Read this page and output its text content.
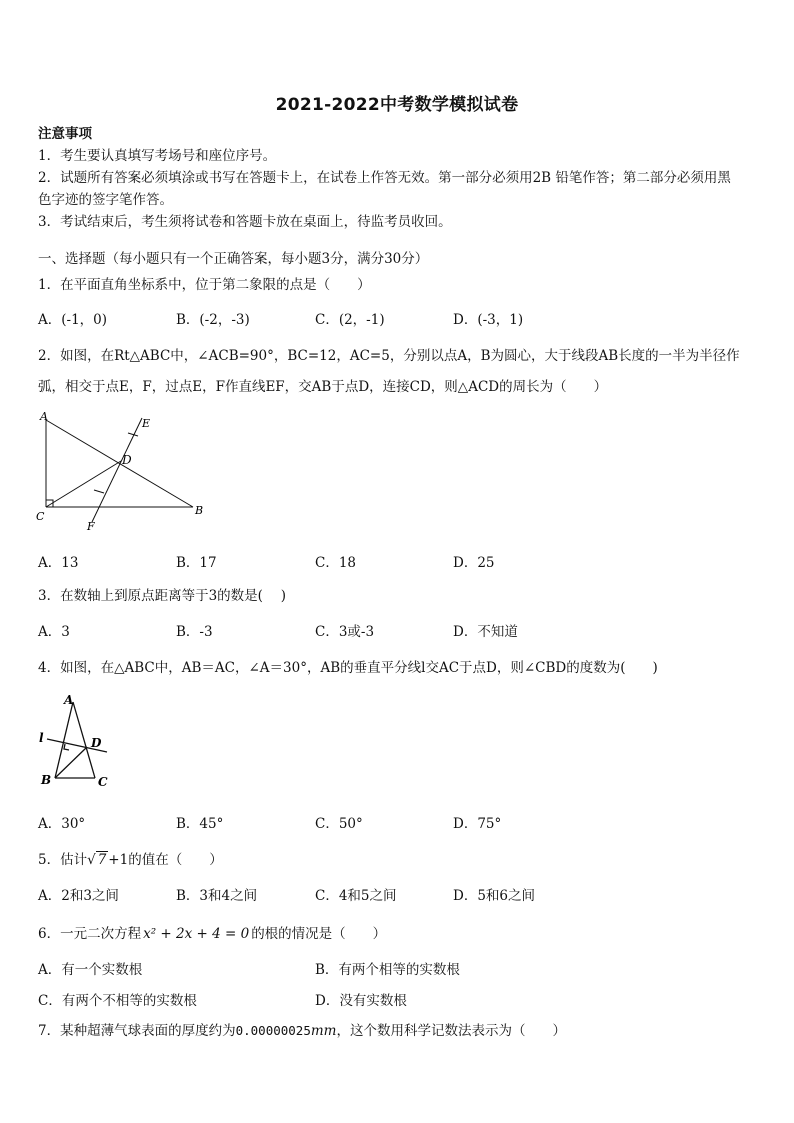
2021-2022中考数学模拟试卷
注意事项
1．考生要认真填写考场号和座位序号。
2．试题所有答案必须填涂或书写在答题卡上，在试卷上作答无效。第一部分必须用2B 铅笔作答；第二部分必须用黑
色字迹的签字笔作答。
3．考试结束后，考生须将试卷和答题卡放在桌面上，待监考员收回。
一、选择题（每小题只有一个正确答案，每小题3分，满分30分）
1．在平面直角坐标系中，位于第二象限的点是（　　）
A．(-1，0)	B．(-2，-3)	C．(2，-1)	D．(-3，1)
2．如图，在Rt△ABC中，∠ACB=90°，BC=12，AC=5，分别以点A，B为圆心，大于线段AB长度的一半为半径作
弧，相交于点E，F，过点E，F作直线EF，交AB于点D，连接CD，则△ACD的周长为（　　）
A
E
D
C
F
B
A．13	B．17	C．18	D．25
3．在数轴上到原点距离等于3的数是(　 )
A．3	B．-3	C．3或-3	D．不知道
4．如图，在△ABC中，AB＝AC，∠A＝30°，AB的垂直平分线l交AC于点D，则∠CBD的度数为(　　)
A
l	D
B	C
A．30°	B．45°	C．50°	D．75°
5．估计√ 7 +1的值在（　　）
A．2和3之间	B．3和4之间	C．4和5之间	D．5和6之间
6．一元二次方程 x² + 2x + 4 = 0 的根的情况是（　　）
A．有一个实数根	B．有两个相等的实数根
C．有两个不相等的实数根	D．没有实数根
7．某种超薄气球表面的厚度约为0.00000025mm，这个数用科学记数法表示为（　　）
